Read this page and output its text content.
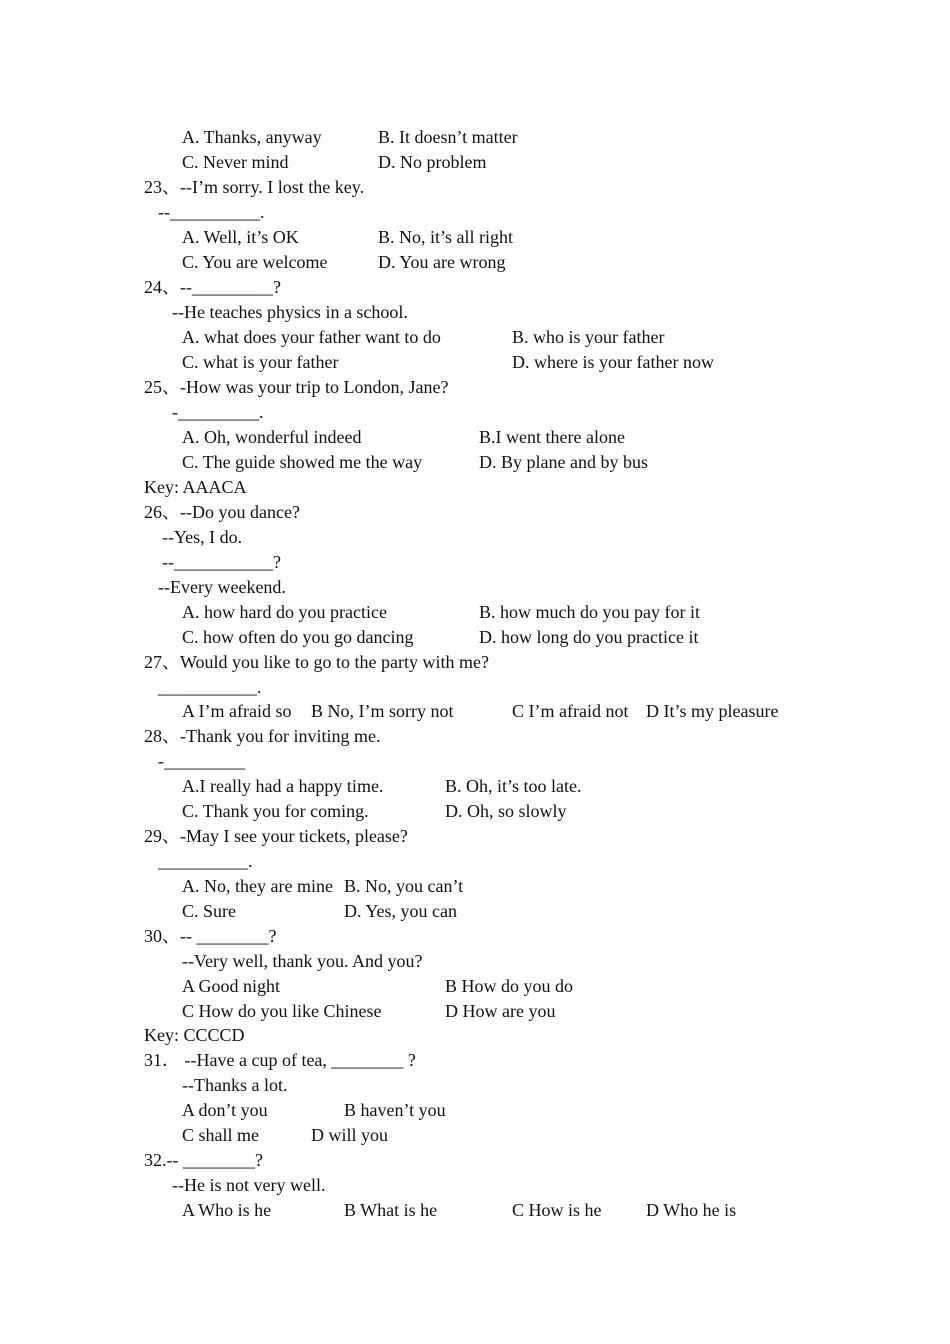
A. Thanks, anyway	B. It doesn’t matter
C. Never mind	D. No problem
23、--I’m sorry. I lost the key.
--__________.
A. Well, it’s OK	B. No, it’s all right
C. You are welcome	D. You are wrong
24、--_________?
--He teaches physics in a school.
A. what does your father want to do	B. who is your father
C. what is your father	D. where is your father now
25、-How was your trip to London, Jane?
-_________.
A. Oh, wonderful indeed	B.I went there alone
C. The guide showed me the way	D. By plane and by bus
Key: AAACA
26、--Do you dance?
--Yes, I do.
--___________?
--Every weekend.
A. how hard do you practice	B. how much do you pay for it
C. how often do you go dancing	D. how long do you practice it
27、Would you like to go to the party with me?
___________.
A I’m afraid so B No, I’m sorry not	C I’m afraid not D It’s my pleasure
28、-Thank you for inviting me.
-_________
A.I really had a happy time.	B. Oh, it’s too late.
C. Thank you for coming.	D. Oh, so slowly
29、-May I see your tickets, please?
__________.
A. No, they are mine B. No, you can’t
C. Sure	D. Yes, you can
30、-- ________?
--Very well, thank you. And you?
A Good night	B How do you do
C How do you like Chinese	D How are you
Key: CCCCD
31． --Have a cup of tea, ________ ?
--Thanks a lot.
A don’t you	B haven’t you
C shall me	D will you
32.-- ________?
--He is not very well.
A Who is he	B What is he	C How is he D Who he is
